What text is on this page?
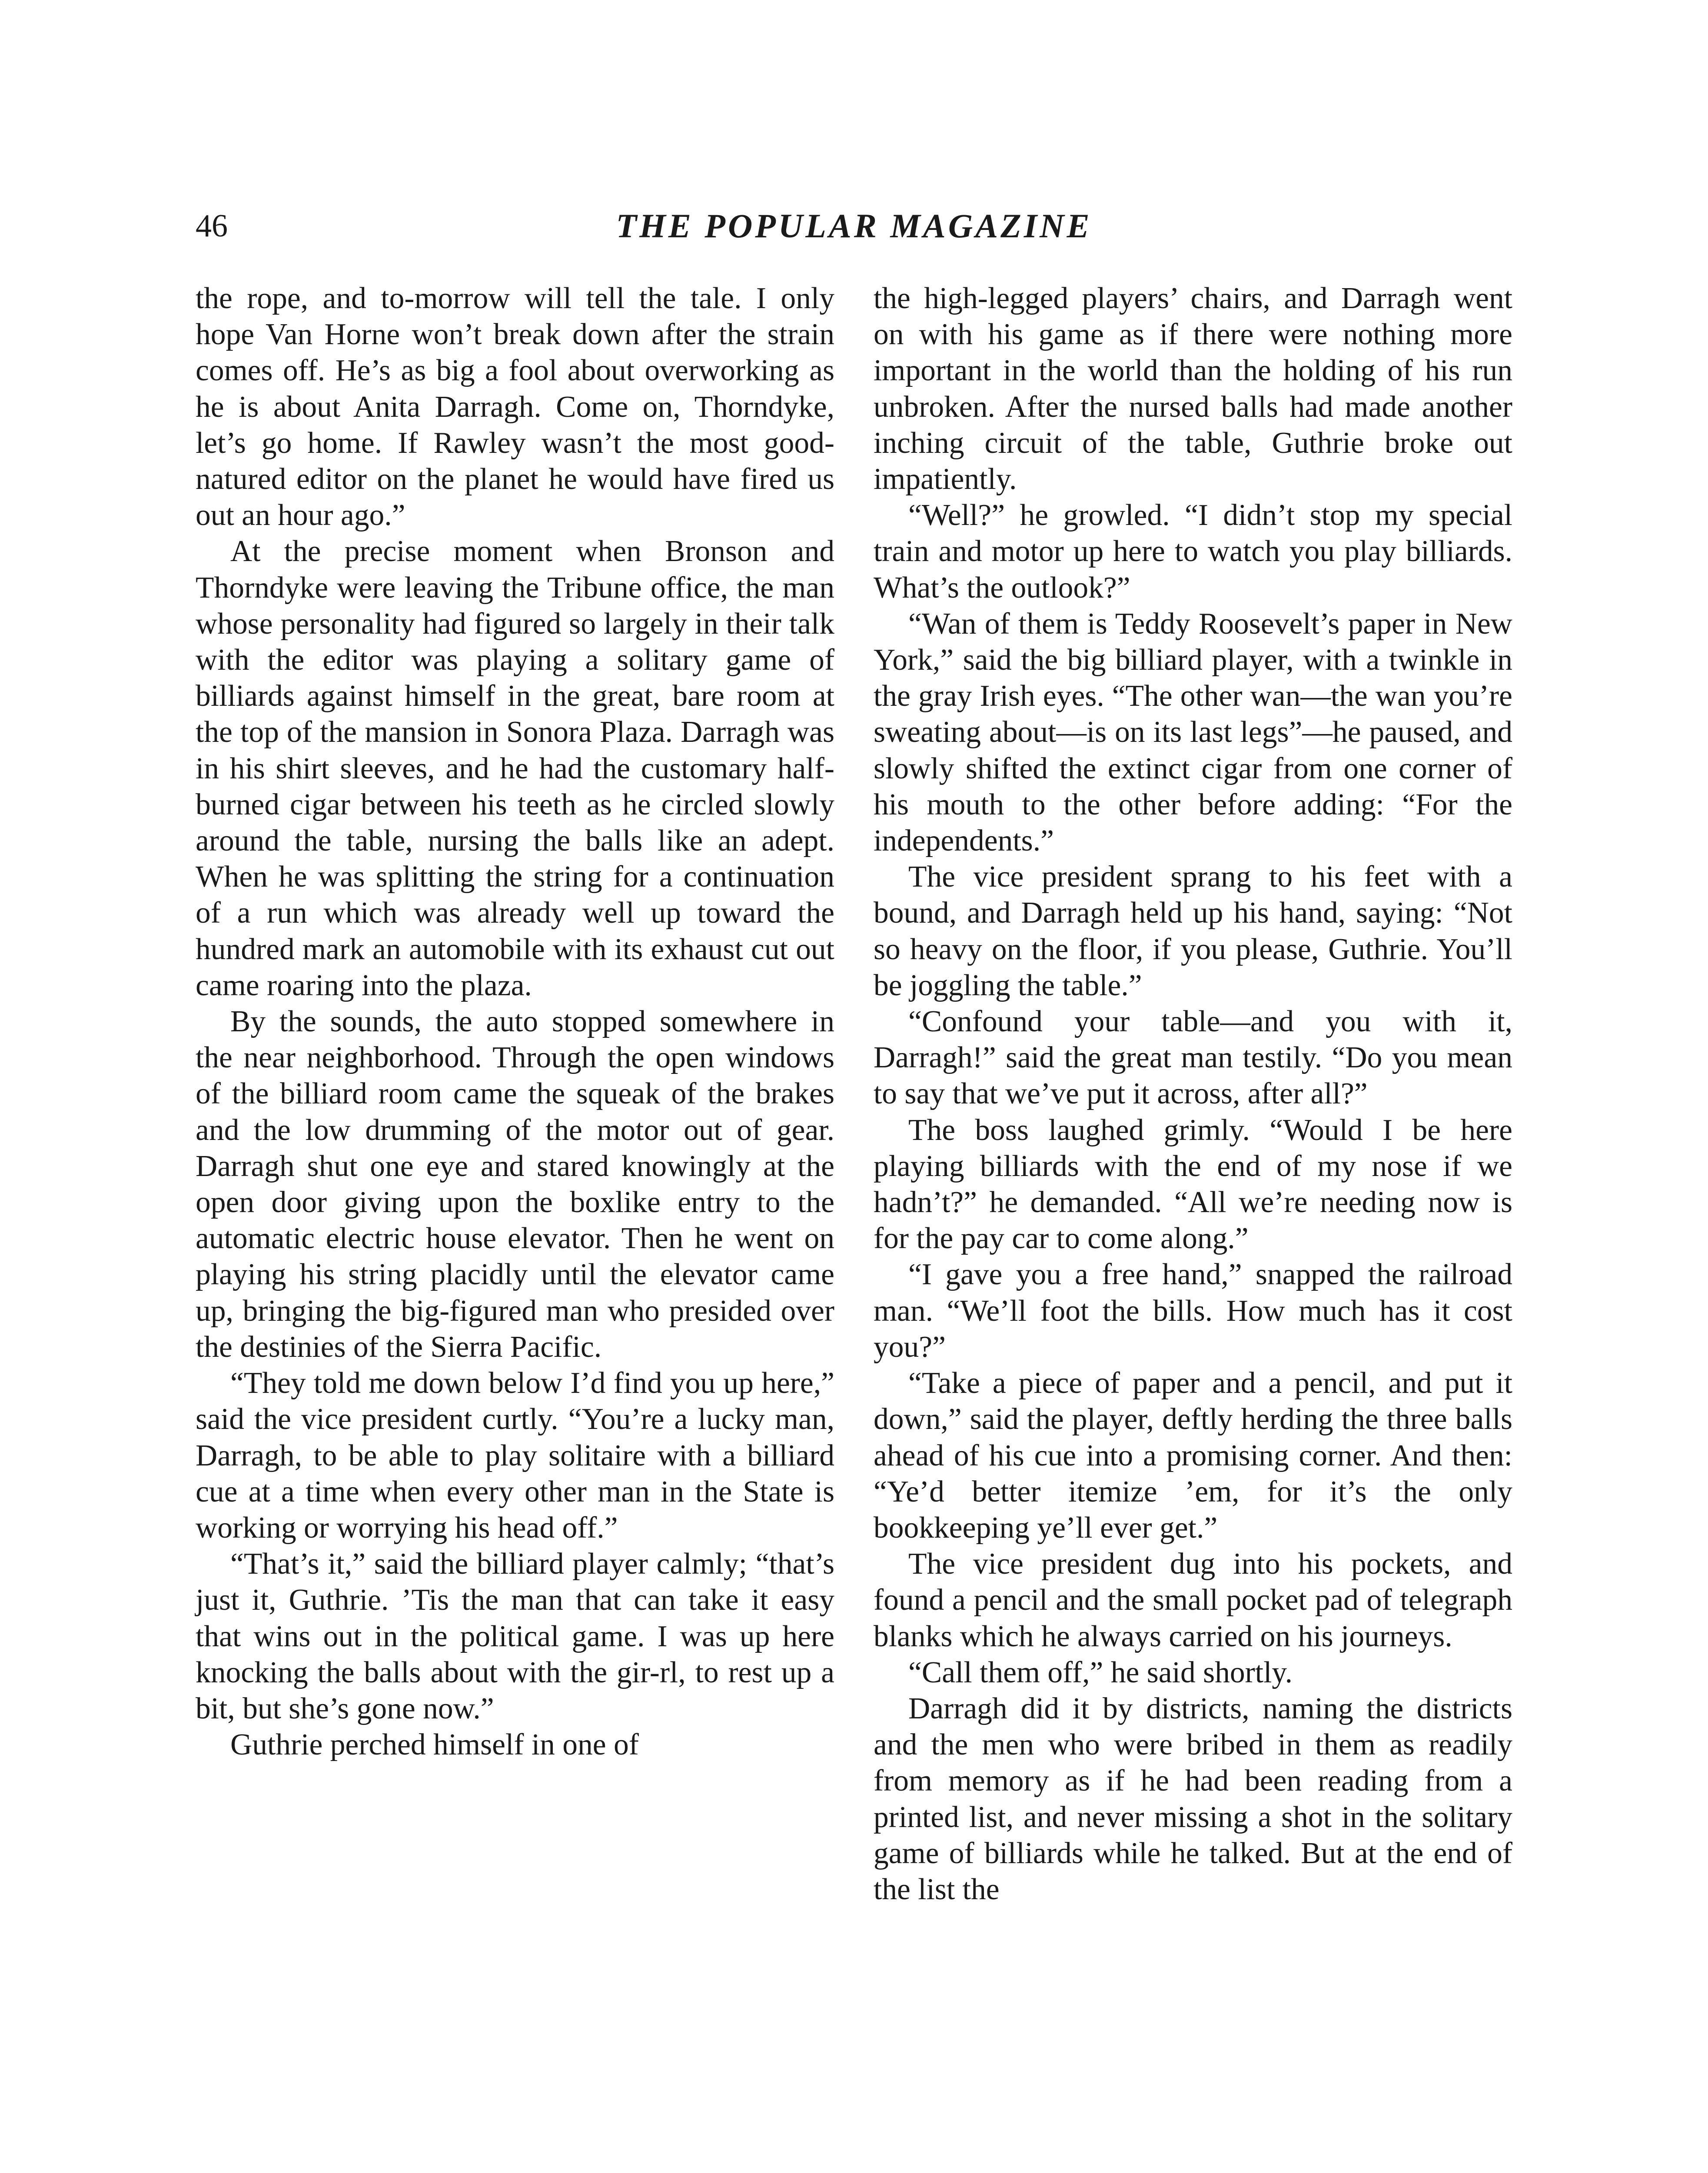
46	THE POPULAR MAGAZINE

the rope, and to-morrow will tell the tale. I only hope Van Horne won’t break down after the strain comes off. He’s as big a fool about overworking as he is about Anita Darragh. Come on, Thorndyke, let’s go home. If Rawley wasn’t the most good-natured editor on the planet he would have fired us out an hour ago.”

At the precise moment when Bronson and Thorndyke were leaving the Tribune office, the man whose personality had figured so largely in their talk with the editor was playing a solitary game of billiards against himself in the great, bare room at the top of the mansion in Sonora Plaza. Darragh was in his shirt sleeves, and he had the customary half-burned cigar between his teeth as he circled slowly around the table, nursing the balls like an adept. When he was splitting the string for a continuation of a run which was already well up toward the hundred mark an automobile with its exhaust cut out came roaring into the plaza.

By the sounds, the auto stopped somewhere in the near neighborhood. Through the open windows of the billiard room came the squeak of the brakes and the low drumming of the motor out of gear. Darragh shut one eye and stared knowingly at the open door giving upon the boxlike entry to the automatic electric house elevator. Then he went on playing his string placidly until the elevator came up, bringing the big-figured man who presided over the destinies of the Sierra Pacific.

“They told me down below I’d find you up here,” said the vice president curtly. “You’re a lucky man, Darragh, to be able to play solitaire with a billiard cue at a time when every other man in the State is working or worrying his head off.”

“That’s it,” said the billiard player calmly; “that’s just it, Guthrie. ’Tis the man that can take it easy that wins out in the political game. I was up here knocking the balls about with the gir-rl, to rest up a bit, but she’s gone now.”

Guthrie perched himself in one of

the high-legged players’ chairs, and Darragh went on with his game as if there were nothing more important in the world than the holding of his run unbroken. After the nursed balls had made another inching circuit of the table, Guthrie broke out impatiently.

“Well?” he growled. “I didn’t stop my special train and motor up here to watch you play billiards. What’s the outlook?”

“Wan of them is Teddy Roosevelt’s paper in New York,” said the big billiard player, with a twinkle in the gray Irish eyes. “The other wan—the wan you’re sweating about—is on its last legs”—he paused, and slowly shifted the extinct cigar from one corner of his mouth to the other before adding: “For the independents.”

The vice president sprang to his feet with a bound, and Darragh held up his hand, saying: “Not so heavy on the floor, if you please, Guthrie. You’ll be joggling the table.”

“Confound your table—and you with it, Darragh!” said the great man testily. “Do you mean to say that we’ve put it across, after all?”

The boss laughed grimly. “Would I be here playing billiards with the end of my nose if we hadn’t?” he demanded. “All we’re needing now is for the pay car to come along.”

“I gave you a free hand,” snapped the railroad man. “We’ll foot the bills. How much has it cost you?”

“Take a piece of paper and a pencil, and put it down,” said the player, deftly herding the three balls ahead of his cue into a promising corner. And then: “Ye’d better itemize ’em, for it’s the only bookkeeping ye’ll ever get.”

The vice president dug into his pockets, and found a pencil and the small pocket pad of telegraph blanks which he always carried on his journeys.

“Call them off,” he said shortly.

Darragh did it by districts, naming the districts and the men who were bribed in them as readily from memory as if he had been reading from a printed list, and never missing a shot in the solitary game of billiards while he talked. But at the end of the list the
